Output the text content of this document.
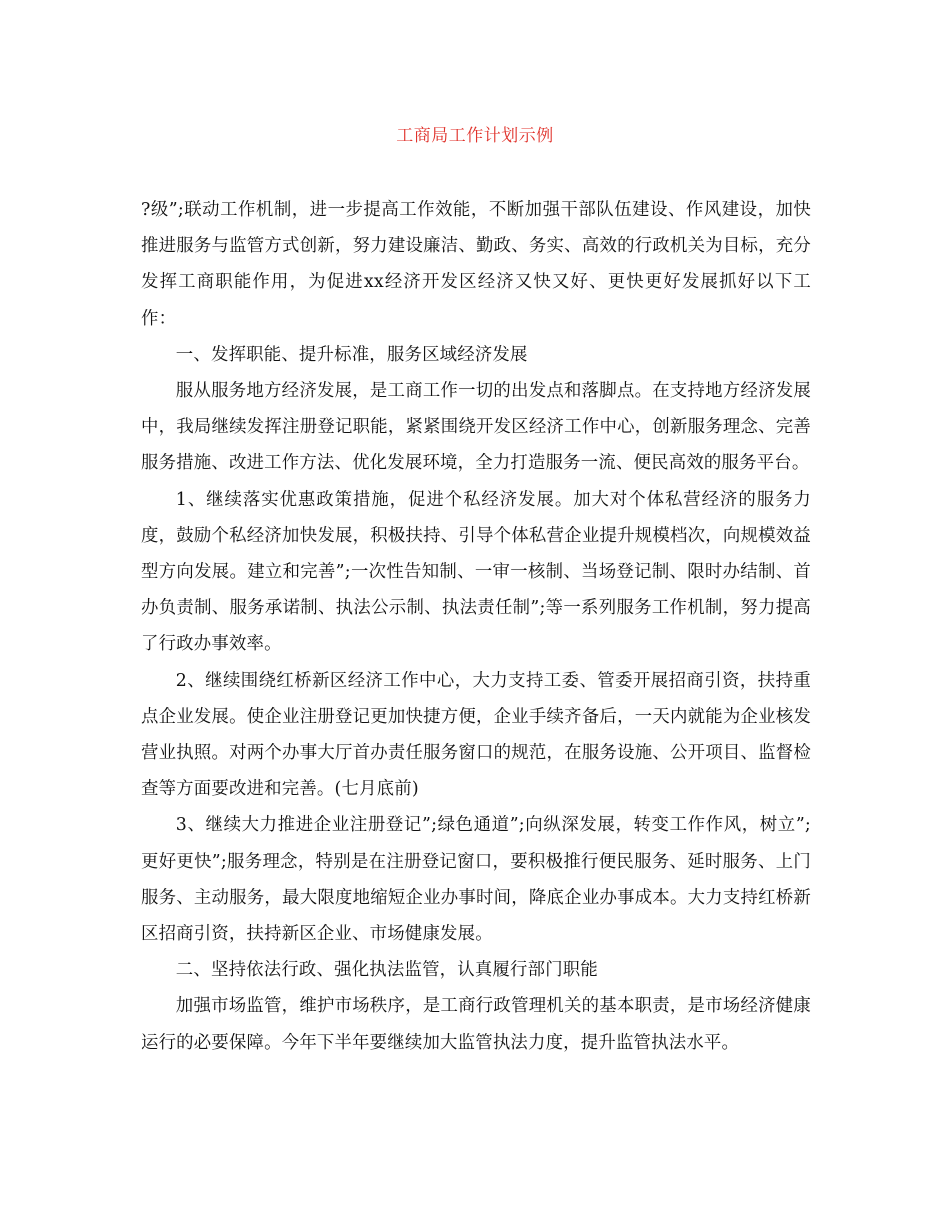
工商局工作计划示例

?级”;联动工作机制，进一步提高工作效能，不断加强干部队伍建设、作风建设，加快推进服务与监管方式创新，努力建设廉洁、勤政、务实、高效的行政机关为目标，充分发挥工商职能作用，为促进xx经济开发区经济又快又好、更快更好发展抓好以下工作：

一、发挥职能、提升标准，服务区域经济发展

服从服务地方经济发展，是工商工作一切的出发点和落脚点。在支持地方经济发展中，我局继续发挥注册登记职能，紧紧围绕开发区经济工作中心，创新服务理念、完善服务措施、改进工作方法、优化发展环境，全力打造服务一流、便民高效的服务平台。

1、继续落实优惠政策措施，促进个私经济发展。加大对个体私营经济的服务力度，鼓励个私经济加快发展，积极扶持、引导个体私营企业提升规模档次，向规模效益型方向发展。建立和完善”;一次性告知制、一审一核制、当场登记制、限时办结制、首办负责制、服务承诺制、执法公示制、执法责任制”;等一系列服务工作机制，努力提高了行政办事效率。

2、继续围绕红桥新区经济工作中心，大力支持工委、管委开展招商引资，扶持重点企业发展。使企业注册登记更加快捷方便，企业手续齐备后，一天内就能为企业核发营业执照。对两个办事大厅首办责任服务窗口的规范，在服务设施、公开项目、监督检查等方面要改进和完善。(七月底前)

3、继续大力推进企业注册登记”;绿色通道”;向纵深发展，转变工作作风，树立”;更好更快”;服务理念，特别是在注册登记窗口，要积极推行便民服务、延时服务、上门服务、主动服务，最大限度地缩短企业办事时间，降底企业办事成本。大力支持红桥新区招商引资，扶持新区企业、市场健康发展。

二、坚持依法行政、强化执法监管，认真履行部门职能

加强市场监管，维护市场秩序，是工商行政管理机关的基本职责，是市场经济健康运行的必要保障。今年下半年要继续加大监管执法力度，提升监管执法水平。
